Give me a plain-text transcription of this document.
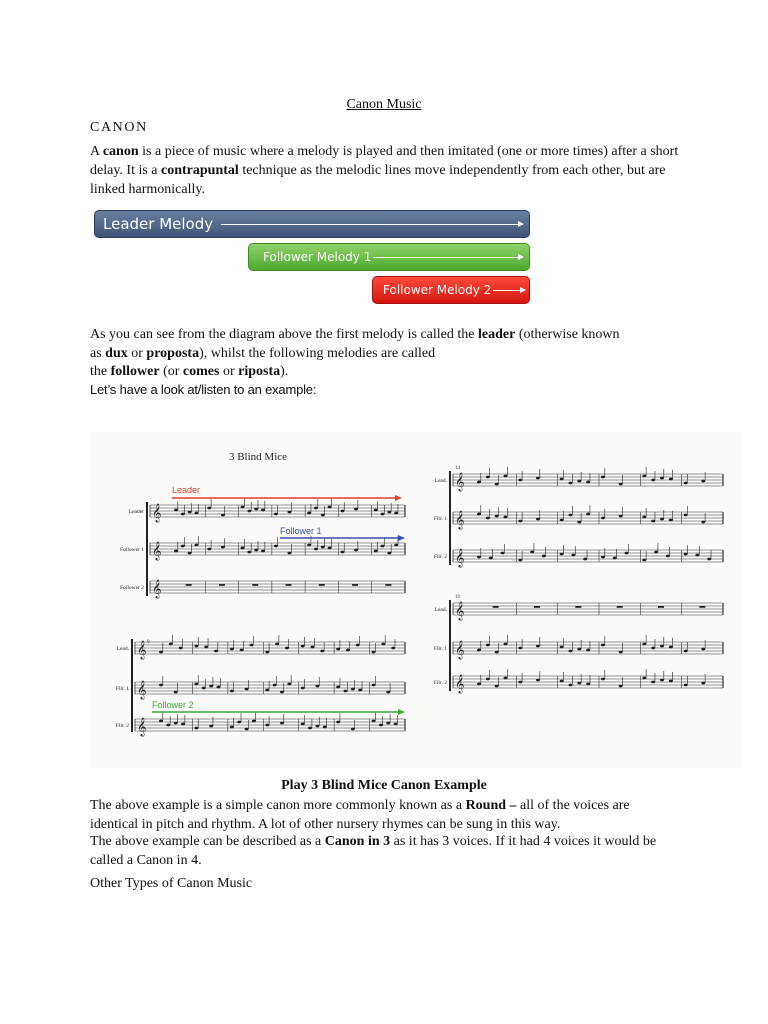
Canon Music
CANON

A canon is a piece of music where a melody is played and then imitated (one or more times) after a short delay. It is a contrapuntal technique as the melodic lines move independently from each other, but are linked harmonically.

Leader Melody
Follower Melody 1
Follower Melody 2

As you can see from the diagram above the first melody is called the leader (otherwise known

as dux or proposta), whilst the following melodies are called

the follower (or comes or riposta).

Let’s have a look at/listen to an example:

3 Blind Mice
Leader
Follower 1
Follower 2
9
14
19
𝄞
Leader
𝄞
Follower 1
𝄞
Follower 2
𝄞
Lead.
𝄞
Fllr. 1
𝄞
Fllr. 2
𝄞
Lead.
𝄞
Fllr. 1
𝄞
Fllr. 2
𝄞
Lead.
𝄞
Fllr. 1
𝄞
Fllr. 2
Play 3 Blind Mice Canon Example

The above example is a simple canon more commonly known as a Round – all of the voices are identical in pitch and rhythm. A lot of other nursery rhymes can be sung in this way.

The above example can be described as a Canon in 3 as it has 3 voices. If it had 4 voices it would be called a Canon in 4.

Other Types of Canon Music
